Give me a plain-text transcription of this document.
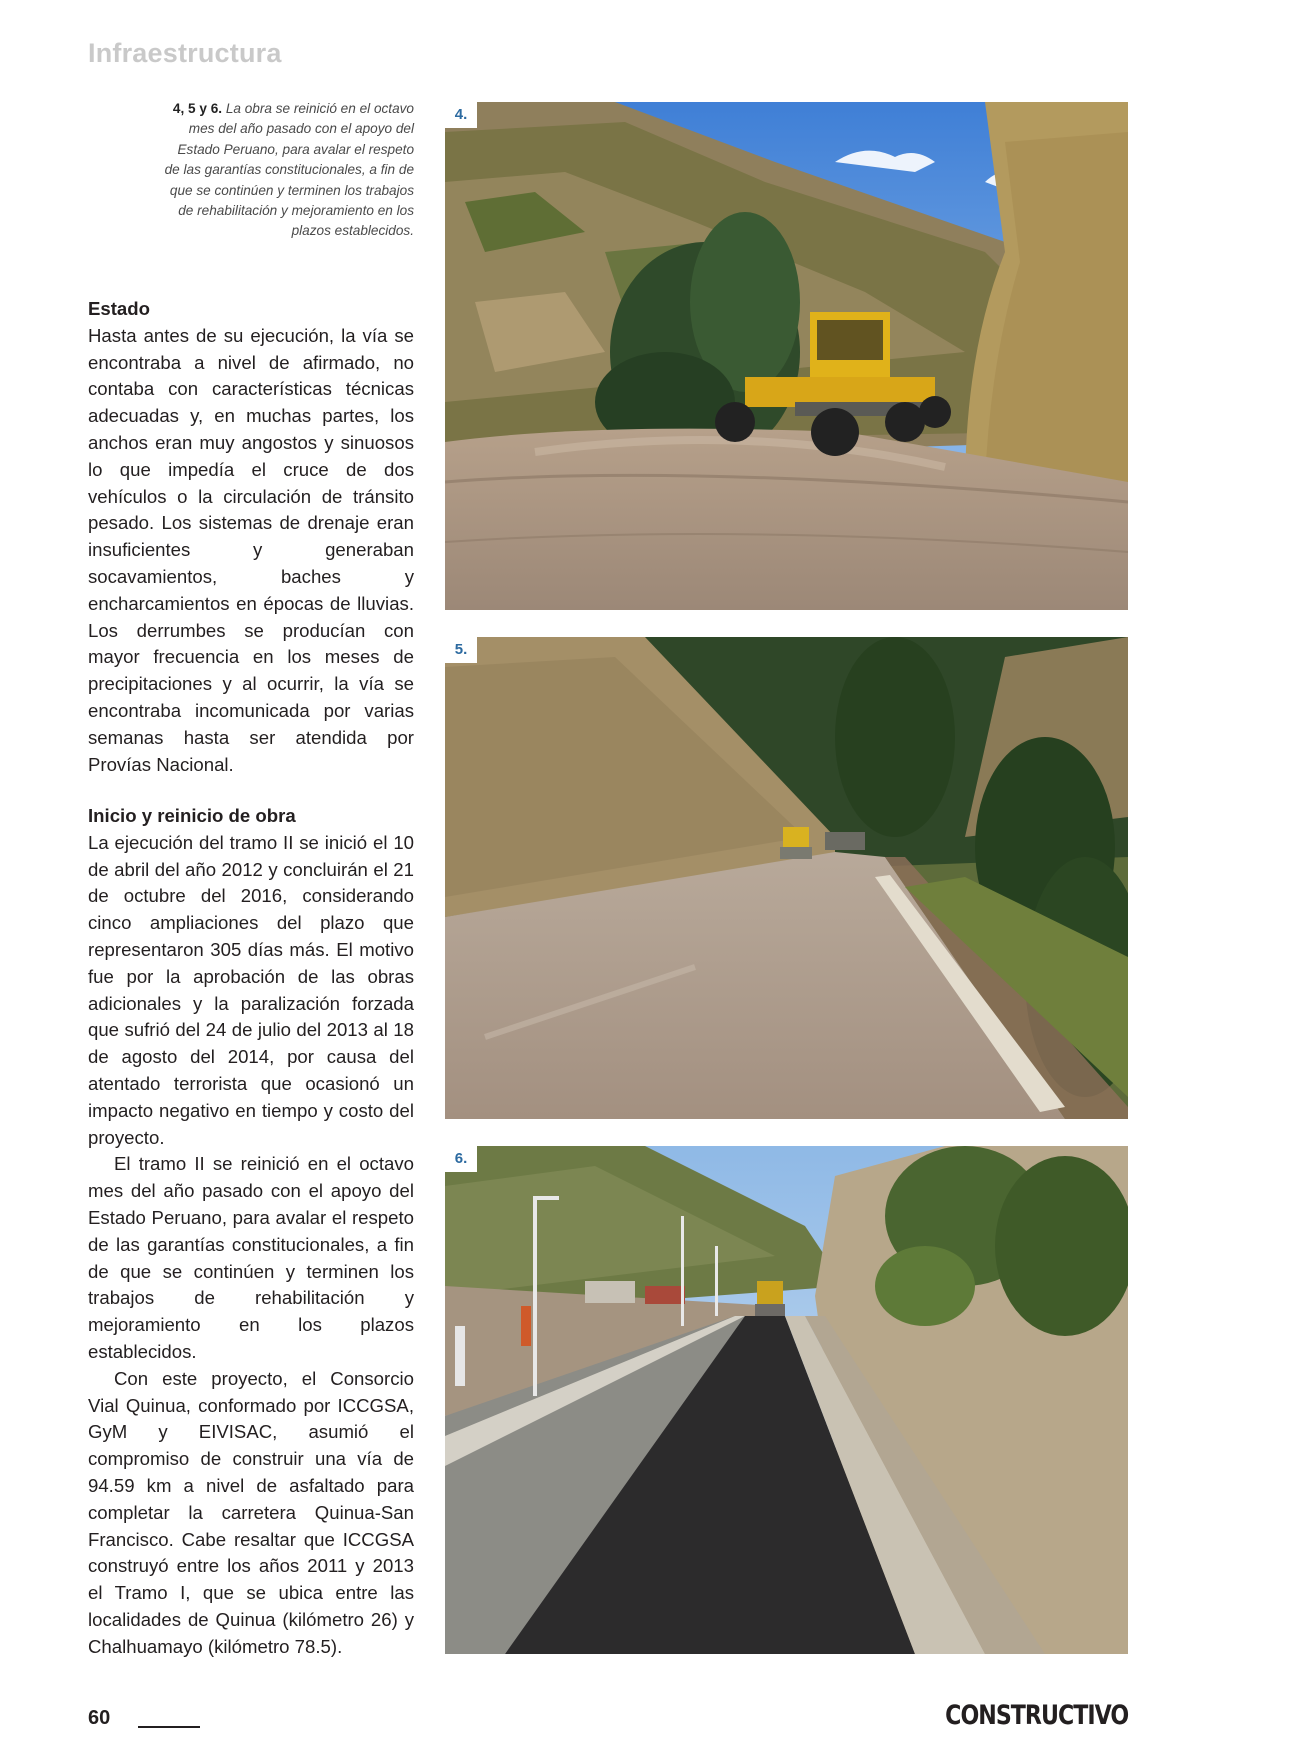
Infraestructura
4, 5 y 6. La obra se reinició en el octavo mes del año pasado con el apoyo del Estado Peruano, para avalar el respeto de las garantías constitucionales, a fin de que se continúen y terminen los trabajos de rehabilitación y mejoramiento en los plazos establecidos.

Estado

Hasta antes de su ejecución, la vía se encontraba a nivel de afirmado, no contaba con características técnicas adecuadas y, en muchas partes, los anchos eran muy angostos y sinuosos lo que impedía el cruce de dos vehículos o la circulación de tránsito pesado. Los sistemas de drenaje eran insuficientes y generaban socavamientos, baches y encharcamientos en épocas de lluvias. Los derrumbes se producían con mayor frecuencia en los meses de precipitaciones y al ocurrir, la vía se encontraba incomunicada por varias semanas hasta ser atendida por Provías Nacional.

Inicio y reinicio de obra

La ejecución del tramo II se inició el 10 de abril del año 2012 y concluirán el 21 de octubre del 2016, considerando cinco ampliaciones del plazo que representaron 305 días más. El motivo fue por la aprobación de las obras adicionales y la paralización forzada que sufrió del 24 de julio del 2013 al 18 de agosto del 2014, por causa del atentado terrorista que ocasionó un impacto negativo en tiempo y costo del proyecto.

El tramo II se reinició en el octavo mes del año pasado con el apoyo del Estado Peruano, para avalar el respeto de las garantías constitucionales, a fin de que se continúen y terminen los trabajos de rehabilitación y mejoramiento en los plazos establecidos.

Con este proyecto, el Consorcio Vial Quinua, conformado por ICCGSA, GyM y EIVISAC, asumió el compromiso de construir una vía de 94.59 km a nivel de asfaltado para completar la carretera Quinua-San Francisco. Cabe resaltar que ICCGSA construyó entre los años 2011 y 2013 el Tramo I, que se ubica entre las localidades de Quinua (kilómetro 26) y Chalhuamayo (kilómetro 78.5).

4.
5.
6.
60	CONSTRUCTIVO
